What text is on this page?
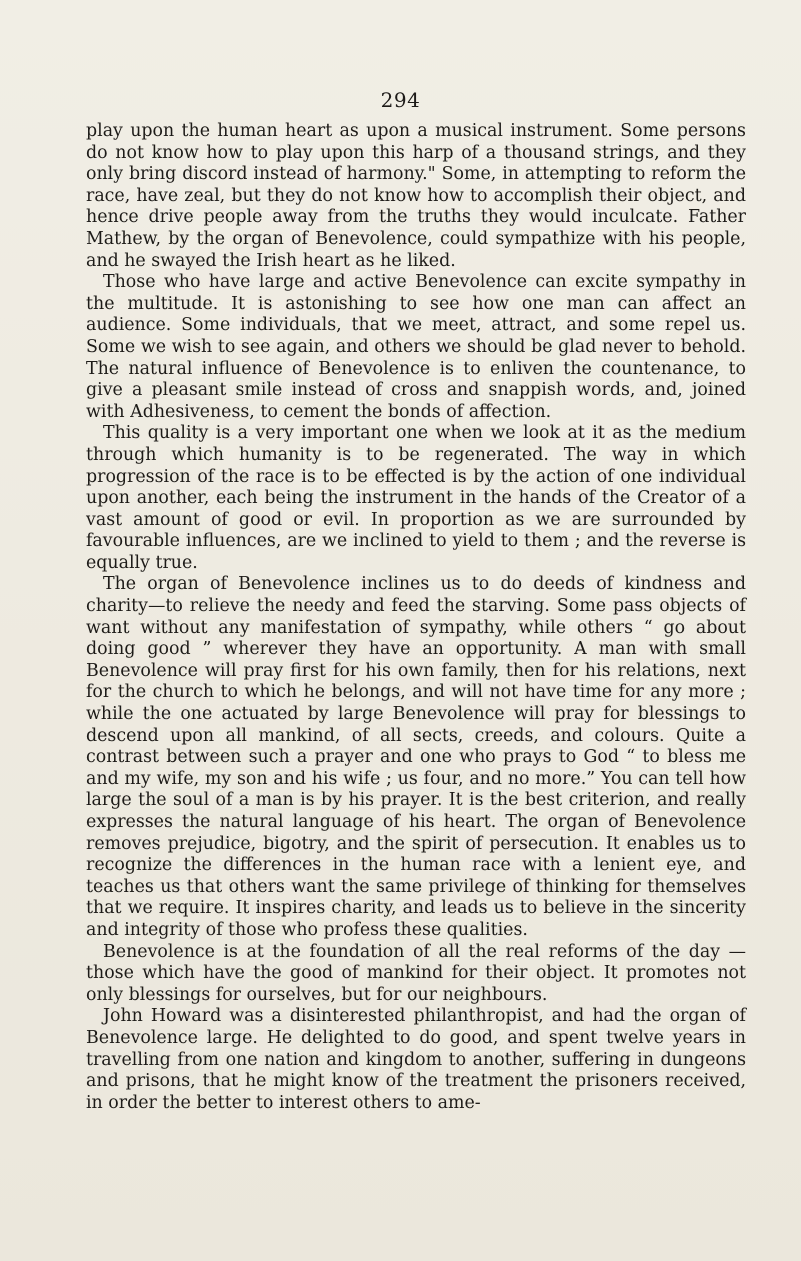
294

play upon the human heart as upon a musical instrument. Some persons do not know how to play upon this harp of a thousand strings, and they only bring discord instead of harmony." Some, in attempting to reform the race, have zeal, but they do not know how to accomplish their object, and hence drive people away from the truths they would inculcate. Father Mathew, by the organ of Benevolence, could sympathize with his people, and he swayed the Irish heart as he liked.

Those who have large and active Benevolence can excite sympathy in the multitude. It is astonishing to see how one man can affect an audience. Some individuals, that we meet, attract, and some repel us. Some we wish to see again, and others we should be glad never to behold. The natural influence of Benevolence is to enliven the countenance, to give a pleasant smile instead of cross and snappish words, and, joined with Adhesiveness, to cement the bonds of affection.

This quality is a very important one when we look at it as the medium through which humanity is to be regenerated. The way in which progression of the race is to be effected is by the action of one individual upon another, each being the instrument in the hands of the Creator of a vast amount of good or evil. In proportion as we are surrounded by favourable influences, are we inclined to yield to them ; and the reverse is equally true.

The organ of Benevolence inclines us to do deeds of kindness and charity—to relieve the needy and feed the starving. Some pass objects of want without any manifestation of sympathy, while others “ go about doing good ” wherever they have an opportunity. A man with small Benevolence will pray first for his own family, then for his relations, next for the church to which he belongs, and will not have time for any more ; while the one actuated by large Benevolence will pray for blessings to descend upon all mankind, of all sects, creeds, and colours. Quite a contrast between such a prayer and one who prays to God “ to bless me and my wife, my son and his wife ; us four, and no more.” You can tell how large the soul of a man is by his prayer. It is the best criterion, and really expresses the natural language of his heart. The organ of Benevolence removes prejudice, bigotry, and the spirit of persecution. It enables us to recognize the differences in the human race with a lenient eye, and teaches us that others want the same privilege of thinking for themselves that we require. It inspires charity, and leads us to believe in the sincerity and integrity of those who profess these qualities.

Benevolence is at the foundation of all the real reforms of the day —those which have the good of mankind for their object. It promotes not only blessings for ourselves, but for our neighbours.

John Howard was a disinterested philanthropist, and had the organ of Benevolence large. He delighted to do good, and spent twelve years in travelling from one nation and kingdom to another, suffering in dungeons and prisons, that he might know of the treatment the prisoners received, in order the better to interest others to ame-
